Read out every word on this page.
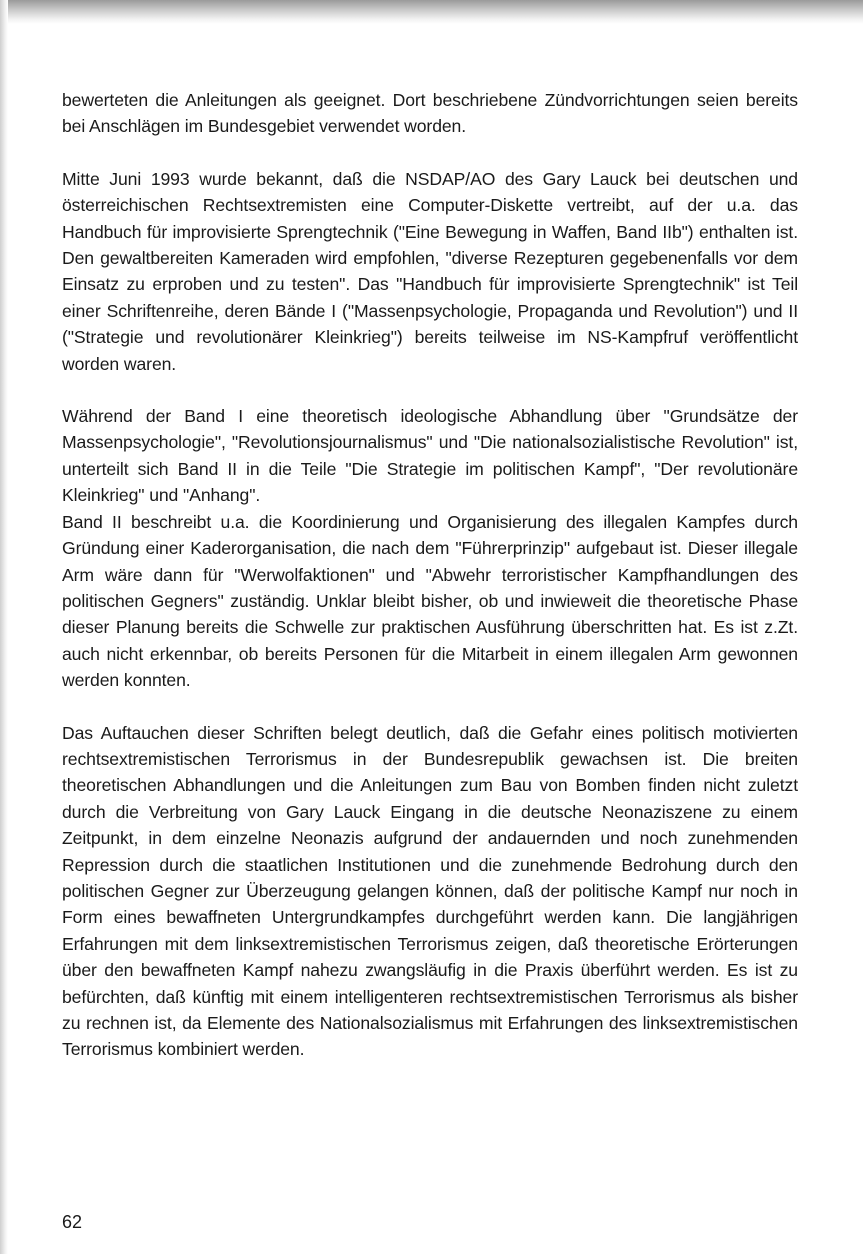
bewerteten die Anleitungen als geeignet. Dort beschriebene Zündvorrichtungen seien bereits bei Anschlägen im Bundesgebiet verwendet worden.

Mitte Juni 1993 wurde bekannt, daß die NSDAP/AO des Gary Lauck bei deutschen und österreichischen Rechtsextremisten eine Computer-Diskette vertreibt, auf der u.a. das Handbuch für improvisierte Sprengtechnik ("Eine Bewegung in Waffen, Band IIb") enthalten ist. Den gewaltbereiten Kameraden wird empfohlen, "diverse Rezepturen gegebenenfalls vor dem Einsatz zu erproben und zu testen". Das "Handbuch für improvisierte Sprengtechnik" ist Teil einer Schriftenreihe, deren Bände I ("Massenpsychologie, Propaganda und Revolution") und II ("Strategie und revolutionärer Kleinkrieg") bereits teilweise im NS-Kampfruf veröffentlicht worden waren.

Während der Band I eine theoretisch ideologische Abhandlung über "Grundsätze der Massenpsychologie", "Revolutionsjournalismus" und "Die nationalsozialistische Revolution" ist, unterteilt sich Band II in die Teile "Die Strategie im politischen Kampf", "Der revolutionäre Kleinkrieg" und "Anhang".

Band II beschreibt u.a. die Koordinierung und Organisierung des illegalen Kampfes durch Gründung einer Kaderorganisation, die nach dem "Führerprinzip" aufgebaut ist. Dieser illegale Arm wäre dann für "Werwolfaktionen" und "Abwehr terroristischer Kampfhandlungen des politischen Gegners" zuständig. Unklar bleibt bisher, ob und inwieweit die theoretische Phase dieser Planung bereits die Schwelle zur praktischen Ausführung überschritten hat. Es ist z.Zt. auch nicht erkennbar, ob bereits Personen für die Mitarbeit in einem illegalen Arm gewonnen werden konnten.

Das Auftauchen dieser Schriften belegt deutlich, daß die Gefahr eines politisch motivierten rechtsextremistischen Terrorismus in der Bundesrepublik gewachsen ist. Die breiten theoretischen Abhandlungen und die Anleitungen zum Bau von Bomben finden nicht zuletzt durch die Verbreitung von Gary Lauck Eingang in die deutsche Neonaziszene zu einem Zeitpunkt, in dem einzelne Neonazis aufgrund der andauernden und noch zunehmenden Repression durch die staatlichen Institutionen und die zunehmende Bedrohung durch den politischen Gegner zur Überzeugung gelangen können, daß der politische Kampf nur noch in Form eines bewaffneten Untergrundkampfes durchgeführt werden kann. Die langjährigen Erfahrungen mit dem linksextremistischen Terrorismus zeigen, daß theoretische Erörterungen über den bewaffneten Kampf nahezu zwangsläufig in die Praxis überführt werden. Es ist zu befürchten, daß künftig mit einem intelligenteren rechtsextremistischen Terrorismus als bisher zu rechnen ist, da Elemente des Nationalsozialismus mit Erfahrungen des linksextremistischen Terrorismus kombiniert werden.

62
